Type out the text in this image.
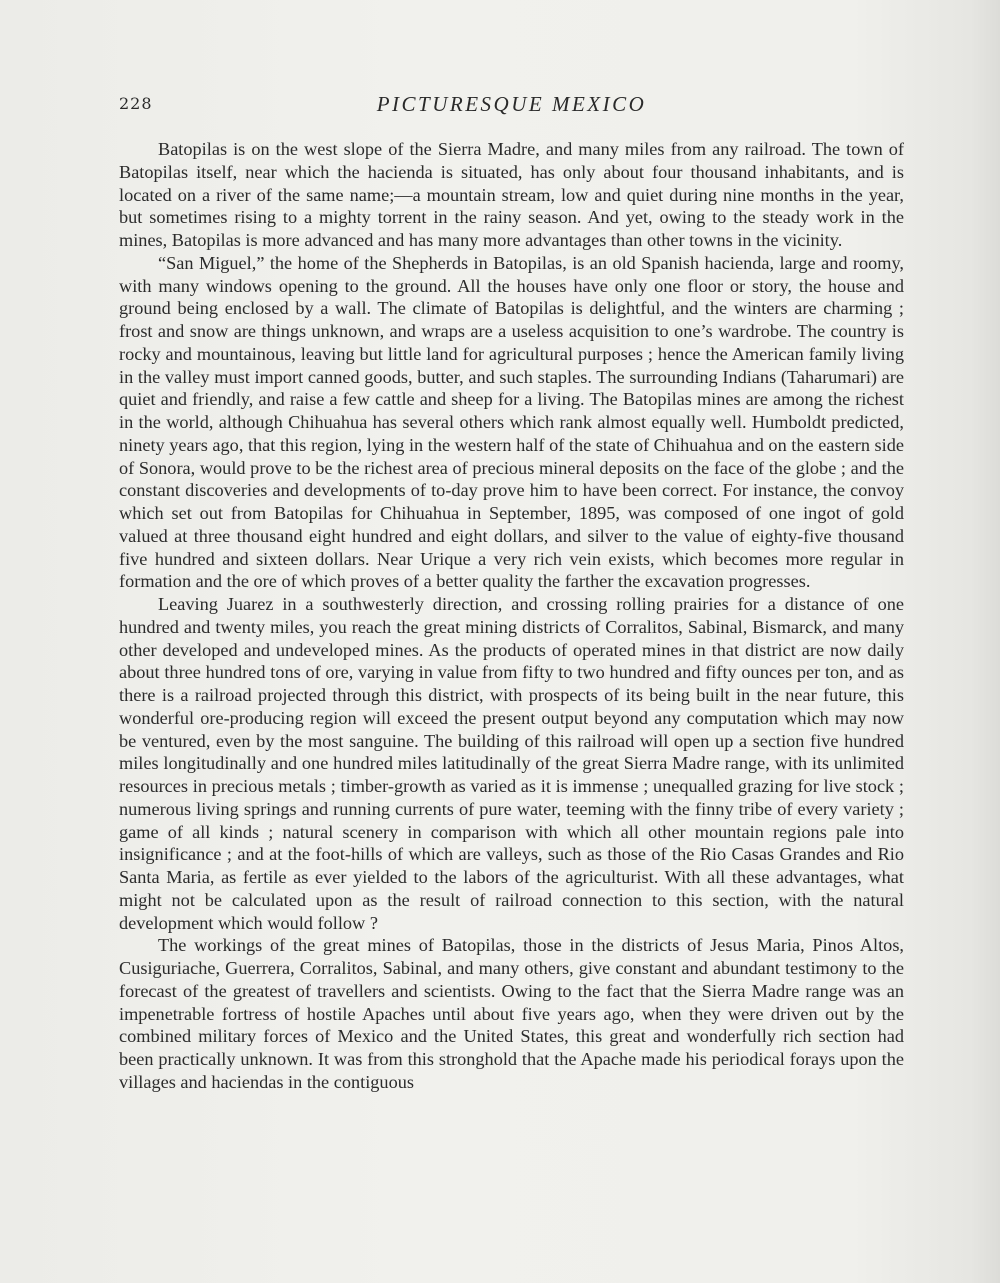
228	PICTURESQUE MEXICO

Batopilas is on the west slope of the Sierra Madre, and many miles from any railroad. The town of Batopilas itself, near which the hacienda is situated, has only about four thousand inhabitants, and is located on a river of the same name;—a mountain stream, low and quiet during nine months in the year, but sometimes rising to a mighty torrent in the rainy season. And yet, owing to the steady work in the mines, Batopilas is more advanced and has many more advantages than other towns in the vicinity.

“San Miguel,” the home of the Shepherds in Batopilas, is an old Spanish hacienda, large and roomy, with many windows opening to the ground. All the houses have only one floor or story, the house and ground being enclosed by a wall. The climate of Batopilas is delightful, and the winters are charming ; frost and snow are things unknown, and wraps are a useless acquisition to one’s wardrobe. The country is rocky and mountainous, leaving but little land for agricultural purposes ; hence the American family living in the valley must import canned goods, butter, and such staples. The surrounding Indians (Taharumari) are quiet and friendly, and raise a few cattle and sheep for a living. The Batopilas mines are among the richest in the world, although Chihuahua has several others which rank almost equally well. Humboldt predicted, ninety years ago, that this region, lying in the western half of the state of Chihuahua and on the eastern side of Sonora, would prove to be the richest area of precious mineral deposits on the face of the globe ; and the constant discoveries and developments of to-day prove him to have been correct. For instance, the convoy which set out from Batopilas for Chihuahua in September, 1895, was composed of one ingot of gold valued at three thousand eight hundred and eight dollars, and silver to the value of eighty-five thousand five hundred and sixteen dollars. Near Urique a very rich vein exists, which becomes more regular in formation and the ore of which proves of a better quality the farther the excavation progresses.

Leaving Juarez in a southwesterly direction, and crossing rolling prairies for a distance of one hundred and twenty miles, you reach the great mining districts of Corralitos, Sabinal, Bismarck, and many other developed and undeveloped mines. As the products of operated mines in that district are now daily about three hundred tons of ore, varying in value from fifty to two hundred and fifty ounces per ton, and as there is a railroad projected through this district, with prospects of its being built in the near future, this wonderful ore-producing region will exceed the present output beyond any computation which may now be ventured, even by the most sanguine. The building of this railroad will open up a section five hundred miles longitudinally and one hundred miles latitudinally of the great Sierra Madre range, with its unlimited resources in precious metals ; timber-growth as varied as it is immense ; unequalled grazing for live stock ; numerous living springs and running currents of pure water, teeming with the finny tribe of every variety ; game of all kinds ; natural scenery in comparison with which all other mountain regions pale into insignificance ; and at the foot-hills of which are valleys, such as those of the Rio Casas Grandes and Rio Santa Maria, as fertile as ever yielded to the labors of the agriculturist. With all these advantages, what might not be calculated upon as the result of railroad connection to this section, with the natural development which would follow ?

The workings of the great mines of Batopilas, those in the districts of Jesus Maria, Pinos Altos, Cusiguriache, Guerrera, Corralitos, Sabinal, and many others, give constant and abundant testimony to the forecast of the greatest of travellers and scientists. Owing to the fact that the Sierra Madre range was an impenetrable fortress of hostile Apaches until about five years ago, when they were driven out by the combined military forces of Mexico and the United States, this great and wonderfully rich section had been practically unknown. It was from this stronghold that the Apache made his periodical forays upon the villages and haciendas in the contiguous
